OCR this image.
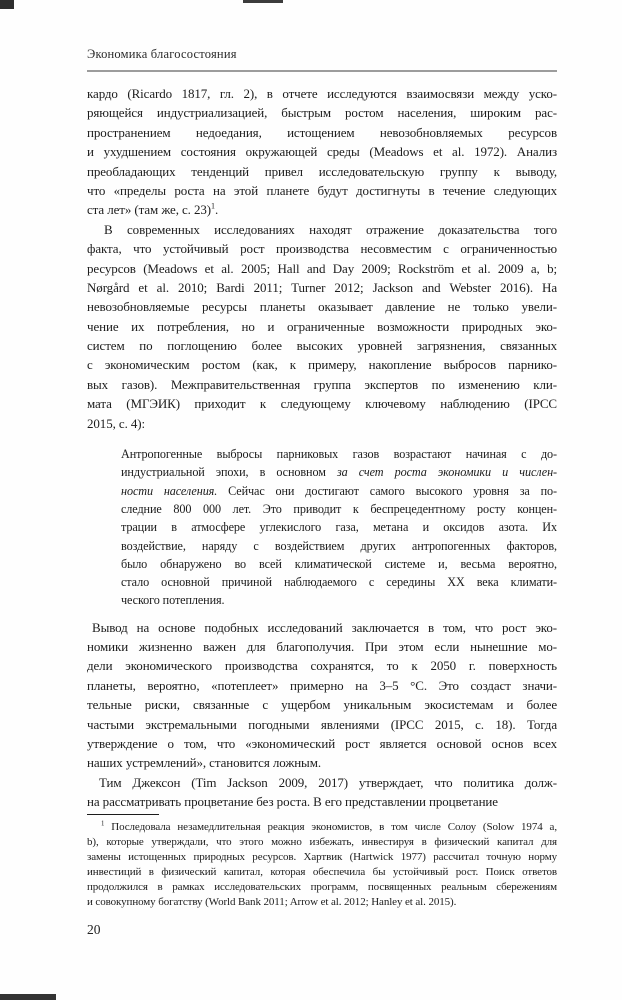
Экономика благосостояния
кардо (Ricardo 1817, гл. 2), в отчете исследуются взаимосвязи между уско-
ряющейся индустриализацией, быстрым ростом населения, широким рас-
пространением недоедания, истощением невозобновляемых ресурсов
и ухудшением состояния окружающей среды (Meadows et al. 1972). Анализ
преобладающих тенденций привел исследовательскую группу к выводу,
что «пределы роста на этой планете будут достигнуты в течение следующих
ста лет» (там же, с. 23)$^1$.
В современных исследованиях находят отражение доказательства того
факта, что устойчивый рост производства несовместим с ограниченностью
ресурсов (Meadows et al. 2005; Hall and Day 2009; Rockström et al. 2009 a, b;
Nørgård et al. 2010; Bardi 2011; Turner 2012; Jackson and Webster 2016). На
невозобновляемые ресурсы планеты оказывает давление не только увели-
чение их потребления, но и ограниченные возможности природных эко-
систем по поглощению более высоких уровней загрязнения, связанных
с экономическим ростом (как, к примеру, накопление выбросов парнико-
вых газов). Межправительственная группа экспертов по изменению кли-
мата (МГЭИК) приходит к следующему ключевому наблюдению (IPCC
2015, с. 4):
Антропогенные выбросы парниковых газов возрастают начиная с до-
индустриальной эпохи, в основном за счет роста экономики и числен-
ности населения. Сейчас они достигают самого высокого уровня за по-
следние 800 000 лет. Это приводит к беспрецедентному росту концен-
трации в атмосфере углекислого газа, метана и оксидов азота. Их
воздействие, наряду с воздействием других антропогенных факторов,
было обнаружено во всей климатической системе и, весьма вероятно,
стало основной причиной наблюдаемого с середины XX века климати-
ческого потепления.
Вывод на основе подобных исследований заключается в том, что рост эко-
номики жизненно важен для благополучия. При этом если нынешние мо-
дели экономического производства сохранятся, то к 2050 г. поверхность
планеты, вероятно, «потеплеет» примерно на 3–5 °C. Это создаст значи-
тельные риски, связанные с ущербом уникальным экосистемам и более
частыми экстремальными погодными явлениями (IPCC 2015, с. 18). Тогда
утверждение о том, что «экономический рост является основой основ всех
наших устремлений», становится ложным.
Тим Джексон (Tim Jackson 2009, 2017) утверждает, что политика долж-
на рассматривать процветание без роста. В его представлении процветание
$^1$ Последовала незамедлительная реакция экономистов, в том числе Солоу (Solow 1974 a,
b), которые утверждали, что этого можно избежать, инвестируя в физический капитал для
замены истощенных природных ресурсов. Хартвик (Hartwick 1977) рассчитал точную норму
инвестиций в физический капитал, которая обеспечила бы устойчивый рост. Поиск ответов
продолжился в рамках исследовательских программ, посвященных реальным сбережениям
и совокупному богатству (World Bank 2011; Arrow et al. 2012; Hanley et al. 2015).
20
